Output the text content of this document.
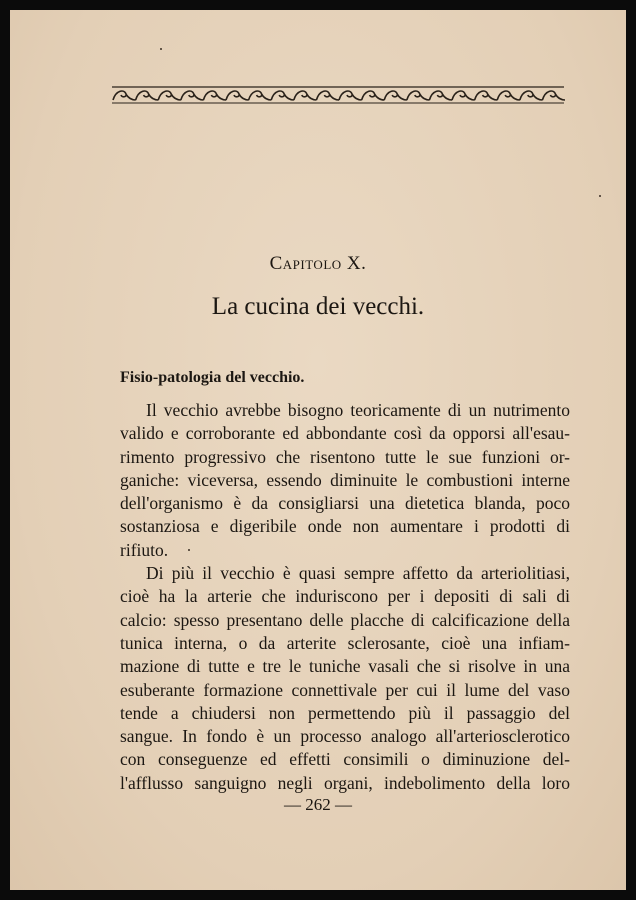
Capitolo X.
La cucina dei vecchi.
Fisio-patologia del vecchio.

Il vecchio avrebbe bisogno teoricamente di un nutrimento
valido e corroborante ed abbondante così da opporsi all'esau-
rimento progressivo che risentono tutte le sue funzioni or-
ganiche: viceversa, essendo diminuite le combustioni interne
dell'organismo è da consigliarsi una dietetica blanda, poco
sostanziosa e digeribile onde non aumentare i prodotti di
rifiuto.

Di più il vecchio è quasi sempre affetto da arteriolitiasi,
cioè ha la arterie che induriscono per i depositi di sali di
calcio: spesso presentano delle placche di calcificazione della
tunica interna, o da arterite sclerosante, cioè una infiam-
mazione di tutte e tre le tuniche vasali che si risolve in una
esuberante formazione connettivale per cui il lume del vaso
tende a chiudersi non permettendo più il passaggio del
sangue. In fondo è un processo analogo all'arteriosclerotico
con conseguenze ed effetti consimili o diminuzione del-
l'afflusso sanguigno negli organi, indebolimento della loro

— 262 —
